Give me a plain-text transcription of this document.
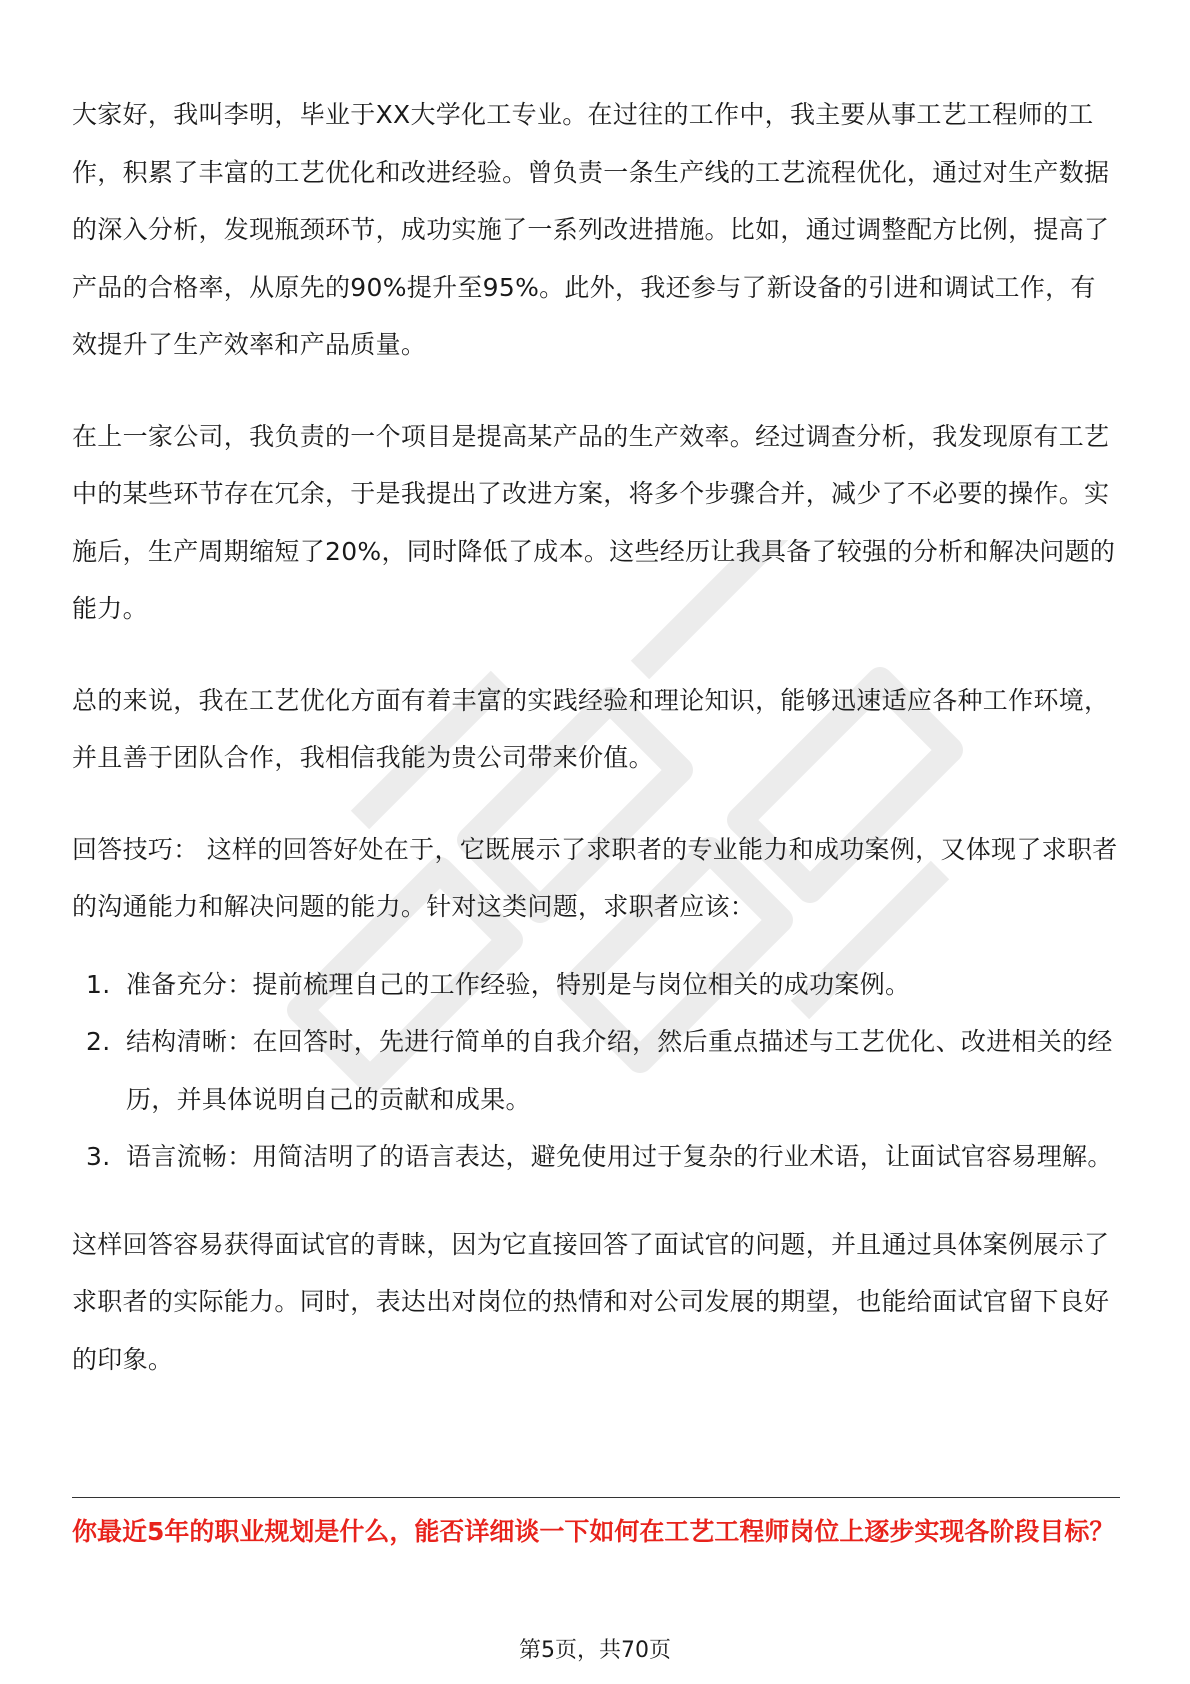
大家好，我叫李明，毕业于XX大学化工专业。在过往的工作中，我主要从事工艺工程师的工作，积累了丰富的工艺优化和改进经验。曾负责一条生产线的工艺流程优化，通过对生产数据的深入分析，发现瓶颈环节，成功实施了一系列改进措施。比如，通过调整配方比例，提高了产品的合格率，从原先的90%提升至95%。此外，我还参与了新设备的引进和调试工作，有效提升了生产效率和产品质量。

在上一家公司，我负责的一个项目是提高某产品的生产效率。经过调查分析，我发现原有工艺中的某些环节存在冗余，于是我提出了改进方案，将多个步骤合并，减少了不必要的操作。实施后，生产周期缩短了20%，同时降低了成本。这些经历让我具备了较强的分析和解决问题的能力。

总的来说，我在工艺优化方面有着丰富的实践经验和理论知识，能够迅速适应各种工作环境，并且善于团队合作，我相信我能为贵公司带来价值。

回答技巧： 这样的回答好处在于，它既展示了求职者的专业能力和成功案例，又体现了求职者的沟通能力和解决问题的能力。针对这类问题，求职者应该：

1. 准备充分：提前梳理自己的工作经验，特别是与岗位相关的成功案例。
2. 结构清晰：在回答时，先进行简单的自我介绍，然后重点描述与工艺优化、改进相关的经历，并具体说明自己的贡献和成果。
3. 语言流畅：用简洁明了的语言表达，避免使用过于复杂的行业术语，让面试官容易理解。

这样回答容易获得面试官的青睐，因为它直接回答了面试官的问题，并且通过具体案例展示了求职者的实际能力。同时，表达出对岗位的热情和对公司发展的期望，也能给面试官留下良好的印象。

你最近5年的职业规划是什么，能否详细谈一下如何在工艺工程师岗位上逐步实现各阶段目标？

第5页，共70页
